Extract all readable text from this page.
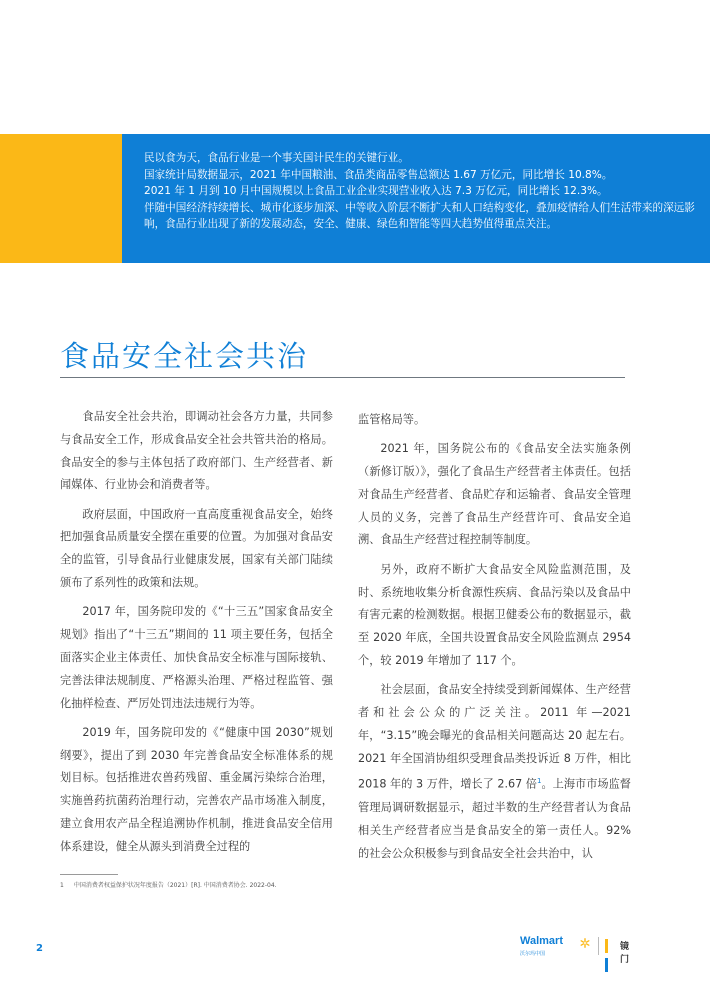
民以食为天，食品行业是一个事关国计民生的关键行业。

国家统计局数据显示，2021 年中国粮油、食品类商品零售总额达 1.67 万亿元，同比增长 10.8%。

2021 年 1 月到 10 月中国规模以上食品工业企业实现营业收入达 7.3 万亿元，同比增长 12.3%。

伴随中国经济持续增长、城市化逐步加深、中等收入阶层不断扩大和人口结构变化，叠加疫情给人们生活带来的深远影响，食品行业出现了新的发展动态，安全、健康、绿色和智能等四大趋势值得重点关注。

食品安全社会共治

食品安全社会共治，即调动社会各方力量，共同参与食品安全工作，形成食品安全社会共管共治的格局。食品安全的参与主体包括了政府部门、生产经营者、新闻媒体、行业协会和消费者等。

政府层面，中国政府一直高度重视食品安全，始终把加强食品质量安全摆在重要的位置。为加强对食品安全的监管，引导食品行业健康发展，国家有关部门陆续颁布了系列性的政策和法规。

2017 年，国务院印发的《“十三五”国家食品安全规划》指出了“十三五”期间的 11 项主要任务，包括全面落实企业主体责任、加快食品安全标准与国际接轨、完善法律法规制度、严格源头治理、严格过程监管、强化抽样检查、严厉处罚违法违规行为等。

2019 年，国务院印发的《“健康中国 2030”规划纲要》，提出了到 2030 年完善食品安全标准体系的规划目标。包括推进农兽药残留、重金属污染综合治理，实施兽药抗菌药治理行动，完善农产品市场准入制度，建立食用农产品全程追溯协作机制，推进食品安全信用体系建设，健全从源头到消费全过程的

监管格局等。

2021 年，国务院公布的《食品安全法实施条例（新修订版）》，强化了食品生产经营者主体责任。包括对食品生产经营者、食品贮存和运输者、食品安全管理人员的义务，完善了食品生产经营许可、食品安全追溯、食品生产经营过程控制等制度。

另外，政府不断扩大食品安全风险监测范围，及时、系统地收集分析食源性疾病、食品污染以及食品中有害元素的检测数据。根据卫健委公布的数据显示，截至 2020 年底，全国共设置食品安全风险监测点 2954 个，较 2019 年增加了 117 个。

社会层面，食品安全持续受到新闻媒体、生产经营者和社会公众的广泛关注。2011 年—2021 年，“3.15”晚会曝光的食品相关问题高达 20 起左右。2021 年全国消协组织受理食品类投诉近 8 万件，相比 2018 年的 3 万件，增长了 2.67 倍$^1$。上海市市场监督管理局调研数据显示，超过半数的生产经营者认为食品相关生产经营者应当是食品安全的第一责任人。92% 的社会公众积极参与到食品安全社会共治中，认

1 中国消费者权益保护状况年度报告（2021）[R]. 中国消费者协会. 2022-04.
2
Walmart
沃尔玛中国
镜门
